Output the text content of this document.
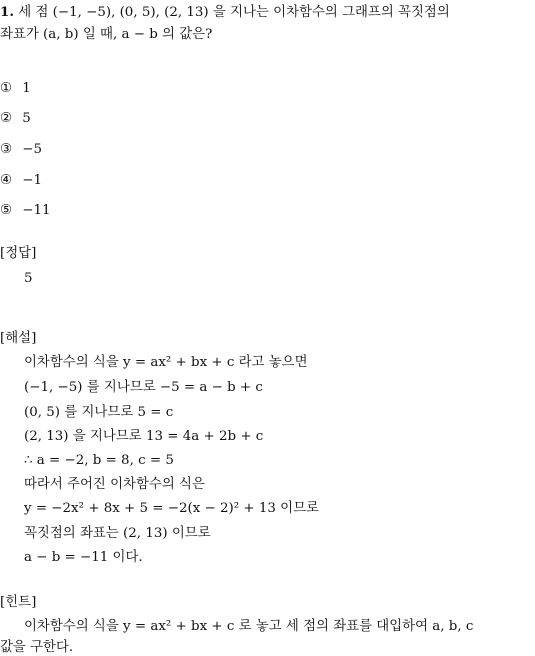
1. 세 점 (−1, −5), (0, 5), (2, 13) 을 지나는 이차함수의 그래프의 꼭짓점의
좌표가 (a, b) 일 때, a − b 의 값은?
① 1
② 5
③ −5
④ −1
⑤ −11
[정답]
5
[해설]
이차함수의 식을 y = ax² + bx + c 라고 놓으면
(−1, −5) 를 지나므로 −5 = a − b + c
(0, 5) 를 지나므로 5 = c
(2, 13) 을 지나므로 13 = 4a + 2b + c
∴ a = −2, b = 8, c = 5
따라서 주어진 이차함수의 식은
y = −2x² + 8x + 5 = −2(x − 2)² + 13 이므로
꼭짓점의 좌표는 (2, 13) 이므로
a − b = −11 이다.
[힌트]
이차함수의 식을 y = ax² + bx + c 로 놓고 세 점의 좌표를 대입하여 a, b, c
값을 구한다.
